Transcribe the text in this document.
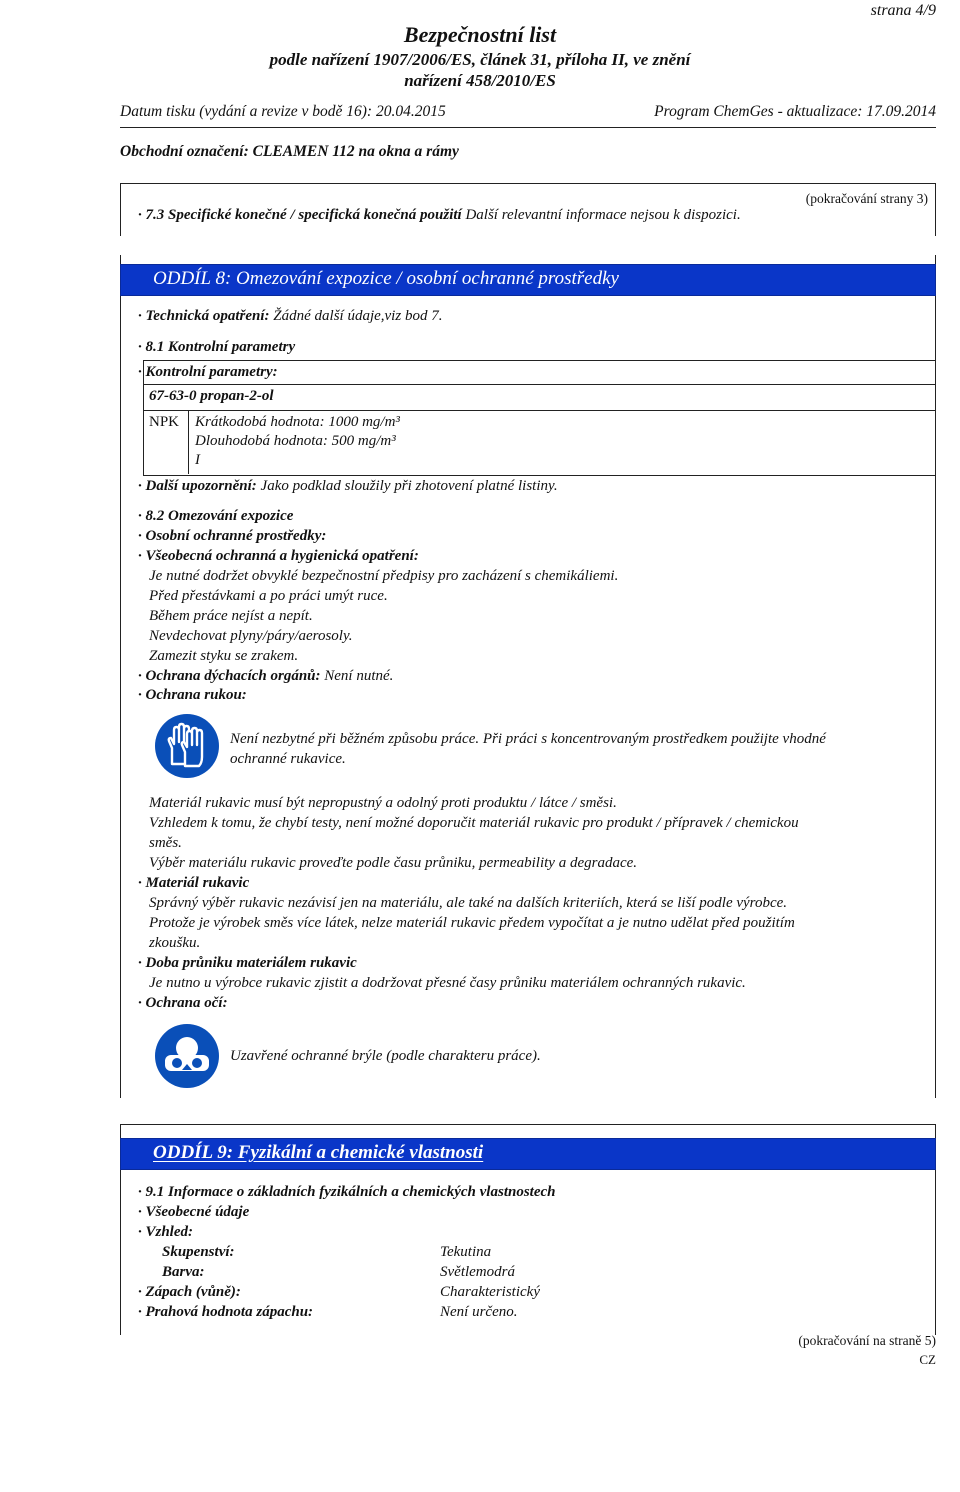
strana 4/9
Bezpečnostní list
podle nařízení 1907/2006/ES, článek 31, příloha II, ve znění
nařízení 458/2010/ES
Datum tisku (vydání a revize v bodě 16): 20.04.2015	Program ChemGes - aktualizace: 17.09.2014
Obchodní označení: CLEAMEN 112 na okna a rámy
(pokračování strany 3)
· 7.3 Specifické konečné / specifická konečná použití Další relevantní informace nejsou k dispozici.
ODDÍL 8: Omezování expozice / osobní ochranné prostředky
· Technická opatření: Žádné další údaje,viz bod 7.
· 8.1 Kontrolní parametry
· Kontrolní parametry:
67-63-0 propan-2-ol
NPK Krátkodobá hodnota: 1000 mg/m³
Dlouhodobá hodnota: 500 mg/m³
I
· Další upozornění: Jako podklad sloužily při zhotovení platné listiny.
· 8.2 Omezování expozice
· Osobní ochranné prostředky:
· Všeobecná ochranná a hygienická opatření:
Je nutné dodržet obvyklé bezpečnostní předpisy pro zacházení s chemikáliemi.
Před přestávkami a po práci umýt ruce.
Během práce nejíst a nepít.
Nevdechovat plyny/páry/aerosoly.
Zamezit styku se zrakem.
· Ochrana dýchacích orgánů: Není nutné.
· Ochrana rukou:
Není nezbytné při běžném způsobu práce. Při práci s koncentrovaným prostředkem použijte vhodné
ochranné rukavice.
Materiál rukavic musí být nepropustný a odolný proti produktu / látce / směsi.
Vzhledem k tomu, že chybí testy, není možné doporučit materiál rukavic pro produkt / přípravek / chemickou
směs.
Výběr materiálu rukavic proveďte podle času průniku, permeability a degradace.
· Materiál rukavic
Správný výběr rukavic nezávisí jen na materiálu, ale také na dalších kriteriích, která se liší podle výrobce.
Protože je výrobek směs více látek, nelze materiál rukavic předem vypočítat a je nutno udělat před použitím
zkoušku.
· Doba průniku materiálem rukavic
Je nutno u výrobce rukavic zjistit a dodržovat přesné časy průniku materiálem ochranných rukavic.
· Ochrana očí:
Uzavřené ochranné brýle (podle charakteru práce).
ODDÍL 9: Fyzikální a chemické vlastnosti
· 9.1 Informace o základních fyzikálních a chemických vlastnostech
· Všeobecné údaje
· Vzhled:
Skupenství:	Tekutina
Barva:	Světlemodrá
· Zápach (vůně):	Charakteristický
· Prahová hodnota zápachu:	Není určeno.
(pokračování na straně 5)
CZ
